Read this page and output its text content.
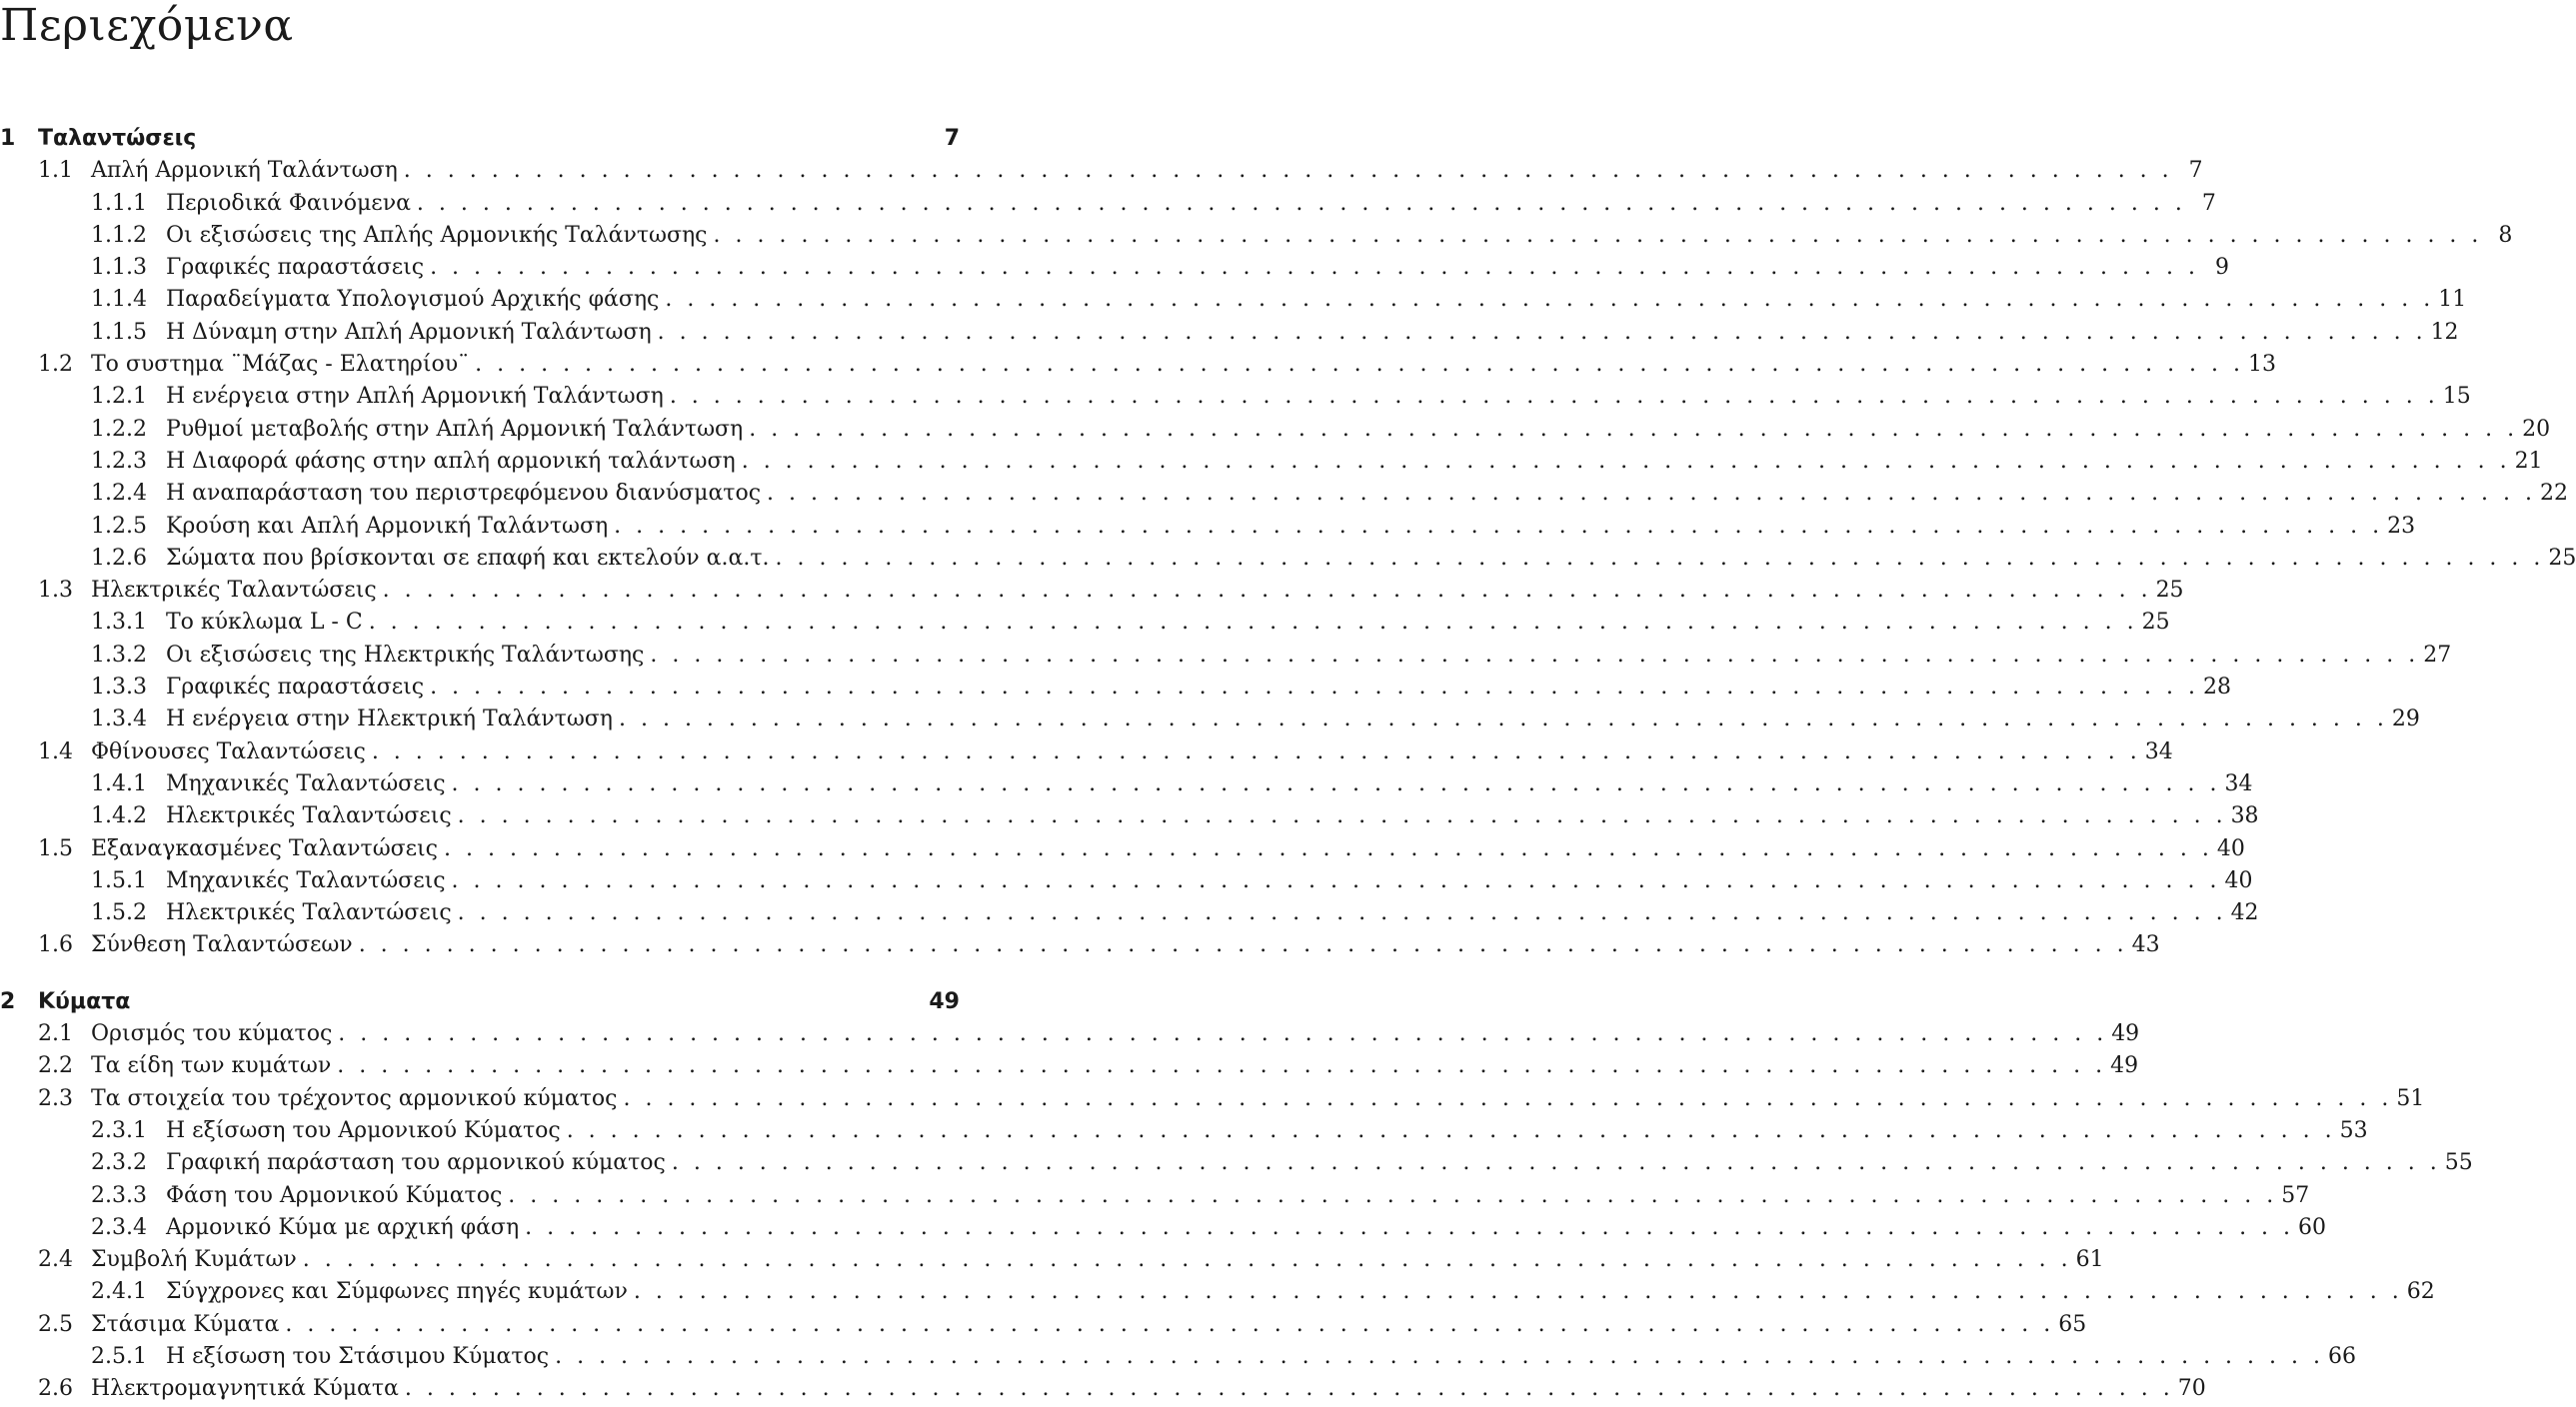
Περιεχόμενα
1	Ταλαντώσεις	7
1.1 Απλή Αρμονική Ταλάντωση . . .	7
1.1.1 Περιοδικά Φαινόμενα . . .	7
1.1.2 Οι εξισώσεις της Απλής Αρμονικής Ταλάντωσης . . .	8
1.1.3 Γραφικές παραστάσεις . . .	9
1.1.4 Παραδείγματα Υπολογισμού Αρχικής φάσης . . .	11
1.1.5 Η Δύναμη στην Απλή Αρμονική Ταλάντωση . . .	12
1.2 Το συστημα ¨Μάζας - Ελατηρίου¨ . . .	13
1.2.1 Η ενέργεια στην Απλή Αρμονική Ταλάντωση . . .	15
1.2.2 Ρυθμοί μεταβολής στην Απλή Αρμονική Ταλάντωση . . .	20
1.2.3 Η Διαφορά φάσης στην απλή αρμονική ταλάντωση . . .	21
1.2.4 Η αναπαράσταση του περιστρεφόμενου διανύσματος . . .	22
1.2.5 Κρούση και Απλή Αρμονική Ταλάντωση . . .	23
1.2.6 Σώματα που βρίσκονται σε επαφή και εκτελούν α.α.τ. . . .	25
1.3 Ηλεκτρικές Ταλαντώσεις . . .	25
1.3.1 Το κύκλωμα L - C . . .	25
1.3.2 Οι εξισώσεις της Ηλεκτρικής Ταλάντωσης . . .	27
1.3.3 Γραφικές παραστάσεις . . .	28
1.3.4 Η ενέργεια στην Ηλεκτρική Ταλάντωση . . .	29
1.4 Φθίνουσες Ταλαντώσεις . . .	34
1.4.1 Μηχανικές Ταλαντώσεις . . .	34
1.4.2 Ηλεκτρικές Ταλαντώσεις . . .	38
1.5 Εξαναγκασμένες Ταλαντώσεις . . .	40
1.5.1 Μηχανικές Ταλαντώσεις . . .	40
1.5.2 Ηλεκτρικές Ταλαντώσεις . . .	42
1.6 Σύνθεση Ταλαντώσεων . . .	43
2	Κύματα	49
2.1 Ορισμός του κύματος . . .	49
2.2 Τα είδη των κυμάτων . . .	49
2.3 Τα στοιχεία του τρέχοντος αρμονικού κύματος . . .	51
2.3.1 Η εξίσωση του Αρμονικού Κύματος . . .	53
2.3.2 Γραφική παράσταση του αρμονικού κύματος . . .	55
2.3.3 Φάση του Αρμονικού Κύματος . . .	57
2.3.4 Αρμονικό Κύμα με αρχική φάση . . .	60
2.4 Συμβολή Κυμάτων . . .	61
2.4.1 Σύγχρονες και Σύμφωνες πηγές κυμάτων . . .	62
2.5 Στάσιμα Κύματα . . .	65
2.5.1 Η εξίσωση του Στάσιμου Κύματος . . .	66
2.6 Ηλεκτρομαγνητικά Κύματα . . .	70
